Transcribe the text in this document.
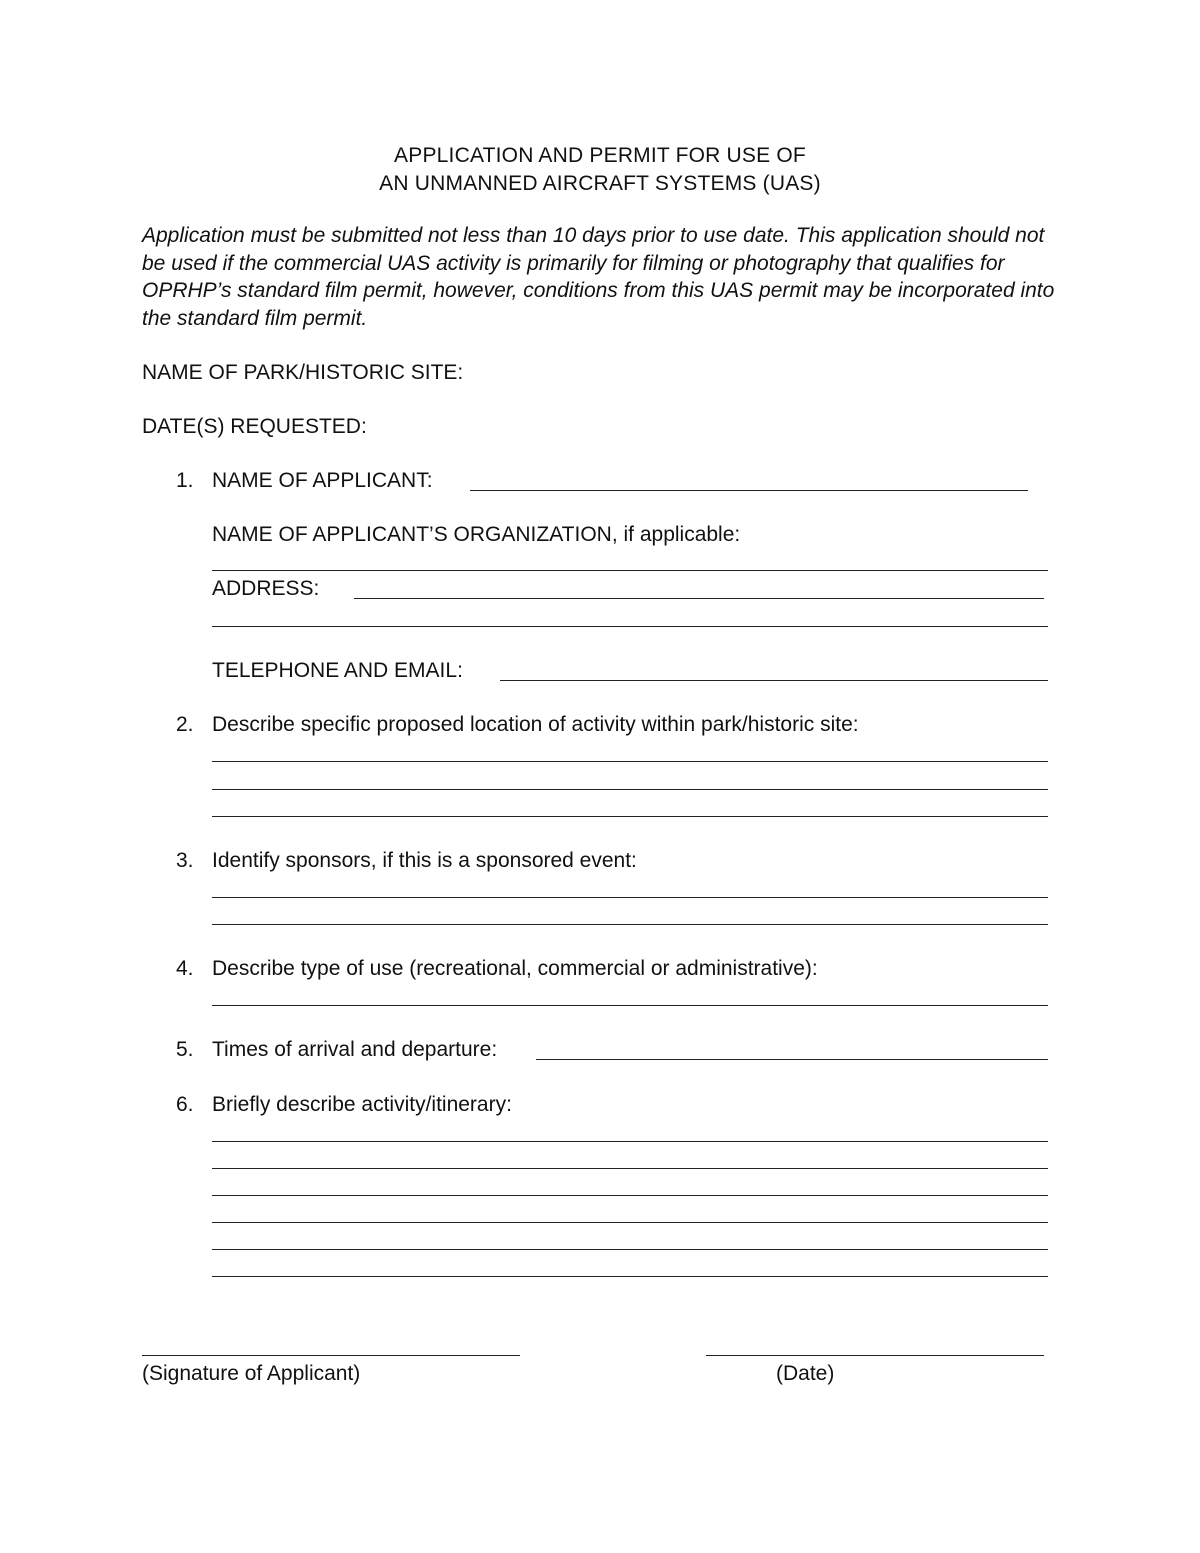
APPLICATION AND PERMIT FOR USE OF
AN UNMANNED AIRCRAFT SYSTEMS (UAS)

Application must be submitted not less than 10 days prior to use date. This application should not be used if the commercial UAS activity is primarily for filming or photography that qualifies for OPRHP’s standard film permit, however, conditions from this UAS permit may be incorporated into the standard film permit.

NAME OF PARK/HISTORIC SITE:
DATE(S) REQUESTED:
1. NAME OF APPLICANT:
NAME OF APPLICANT’S ORGANIZATION, if applicable:
ADDRESS:
TELEPHONE AND EMAIL:
2. Describe specific proposed location of activity within park/historic site:
3. Identify sponsors, if this is a sponsored event:
4. Describe type of use (recreational, commercial or administrative):
5. Times of arrival and departure:
6. Briefly describe activity/itinerary:
(Signature of Applicant)	(Date)
